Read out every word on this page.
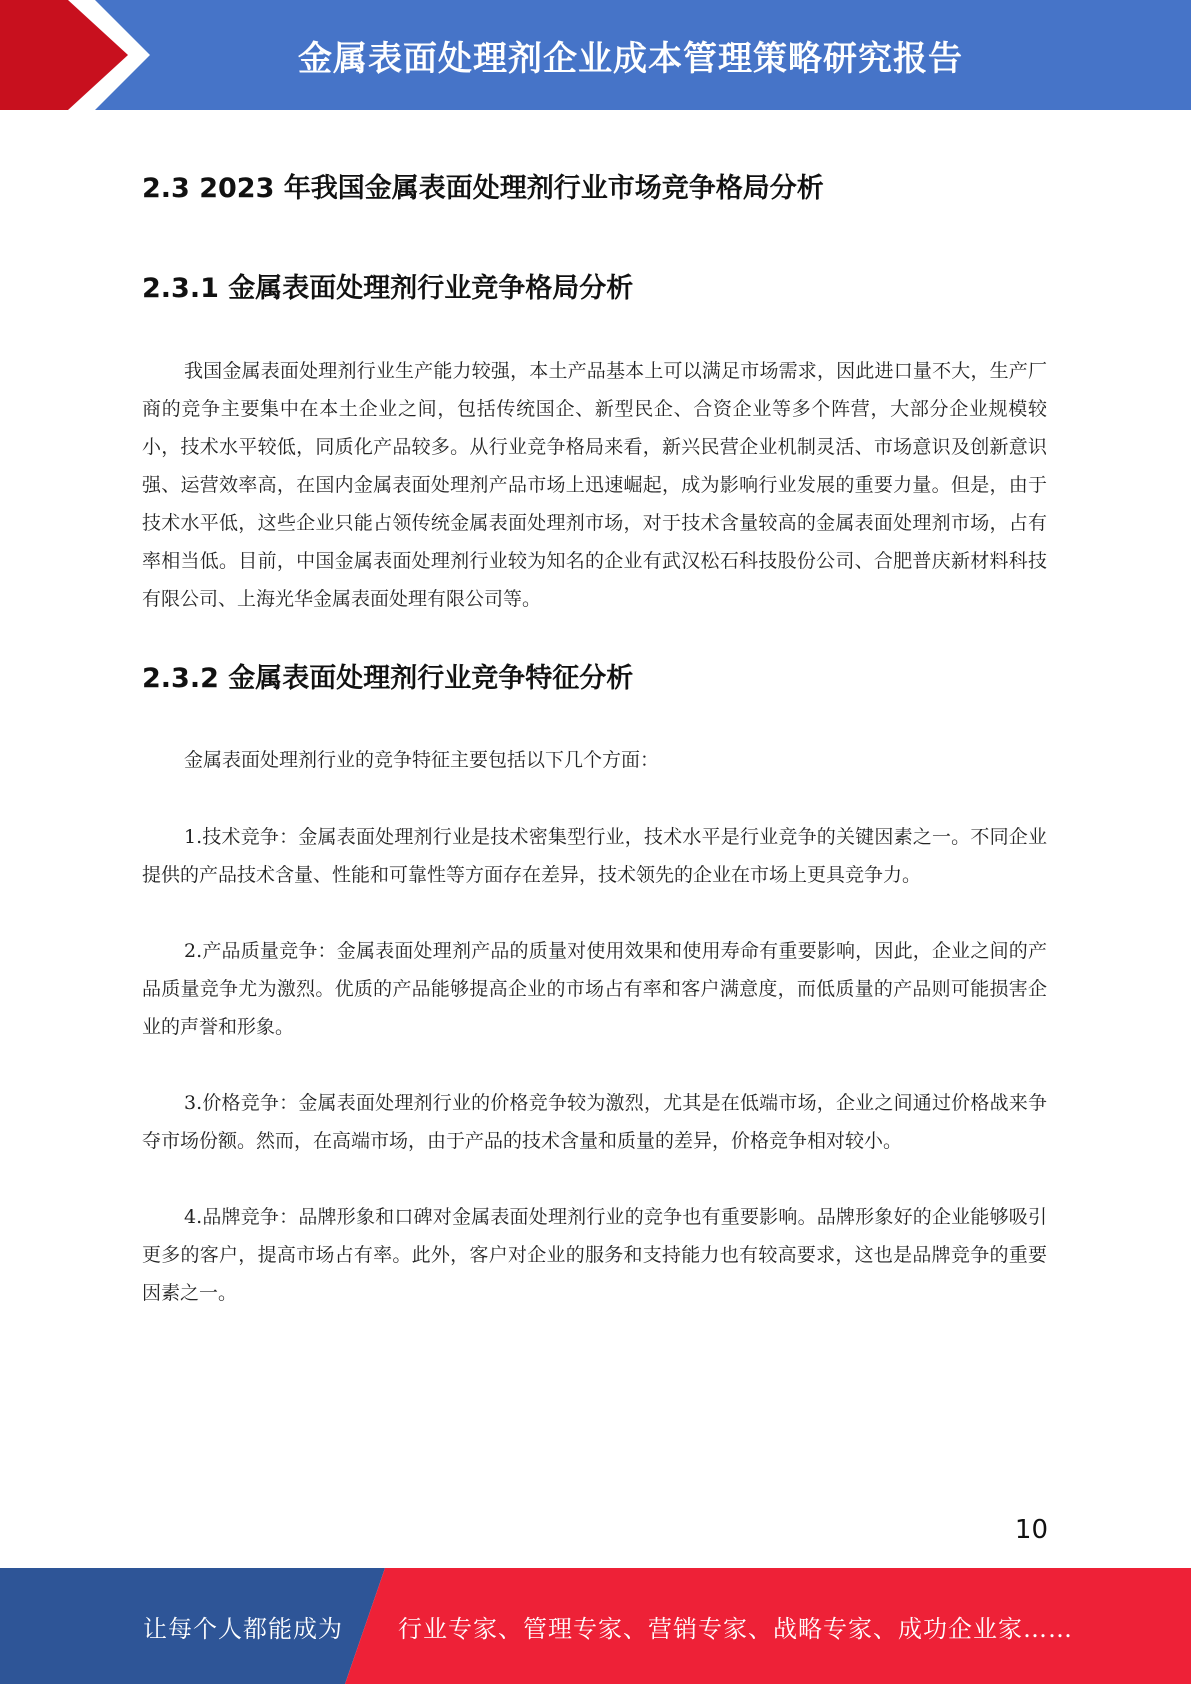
金属表面处理剂企业成本管理策略研究报告
2.3 2023 年我国金属表面处理剂行业市场竞争格局分析
2.3.1 金属表面处理剂行业竞争格局分析

我国金属表面处理剂行业生产能力较强，本土产品基本上可以满足市场需求，因此进口量不大，生产厂商的竞争主要集中在本土企业之间，包括传统国企、新型民企、合资企业等多个阵营，大部分企业规模较小，技术水平较低，同质化产品较多。从行业竞争格局来看，新兴民营企业机制灵活、市场意识及创新意识强、运营效率高，在国内金属表面处理剂产品市场上迅速崛起，成为影响行业发展的重要力量。但是，由于技术水平低，这些企业只能占领传统金属表面处理剂市场，对于技术含量较高的金属表面处理剂市场，占有率相当低。目前，中国金属表面处理剂行业较为知名的企业有武汉松石科技股份公司、合肥普庆新材料科技有限公司、上海光华金属表面处理有限公司等。

2.3.2 金属表面处理剂行业竞争特征分析

金属表面处理剂行业的竞争特征主要包括以下几个方面：

1.技术竞争：金属表面处理剂行业是技术密集型行业，技术水平是行业竞争的关键因素之一。不同企业提供的产品技术含量、性能和可靠性等方面存在差异，技术领先的企业在市场上更具竞争力。

2.产品质量竞争：金属表面处理剂产品的质量对使用效果和使用寿命有重要影响，因此，企业之间的产品质量竞争尤为激烈。优质的产品能够提高企业的市场占有率和客户满意度，而低质量的产品则可能损害企业的声誉和形象。

3.价格竞争：金属表面处理剂行业的价格竞争较为激烈，尤其是在低端市场，企业之间通过价格战来争夺市场份额。然而，在高端市场，由于产品的技术含量和质量的差异，价格竞争相对较小。

4.品牌竞争：品牌形象和口碑对金属表面处理剂行业的竞争也有重要影响。品牌形象好的企业能够吸引更多的客户，提高市场占有率。此外，客户对企业的服务和支持能力也有较高要求，这也是品牌竞争的重要因素之一。

10
让每个人都能成为 行业专家、管理专家、营销专家、战略专家、成功企业家……
